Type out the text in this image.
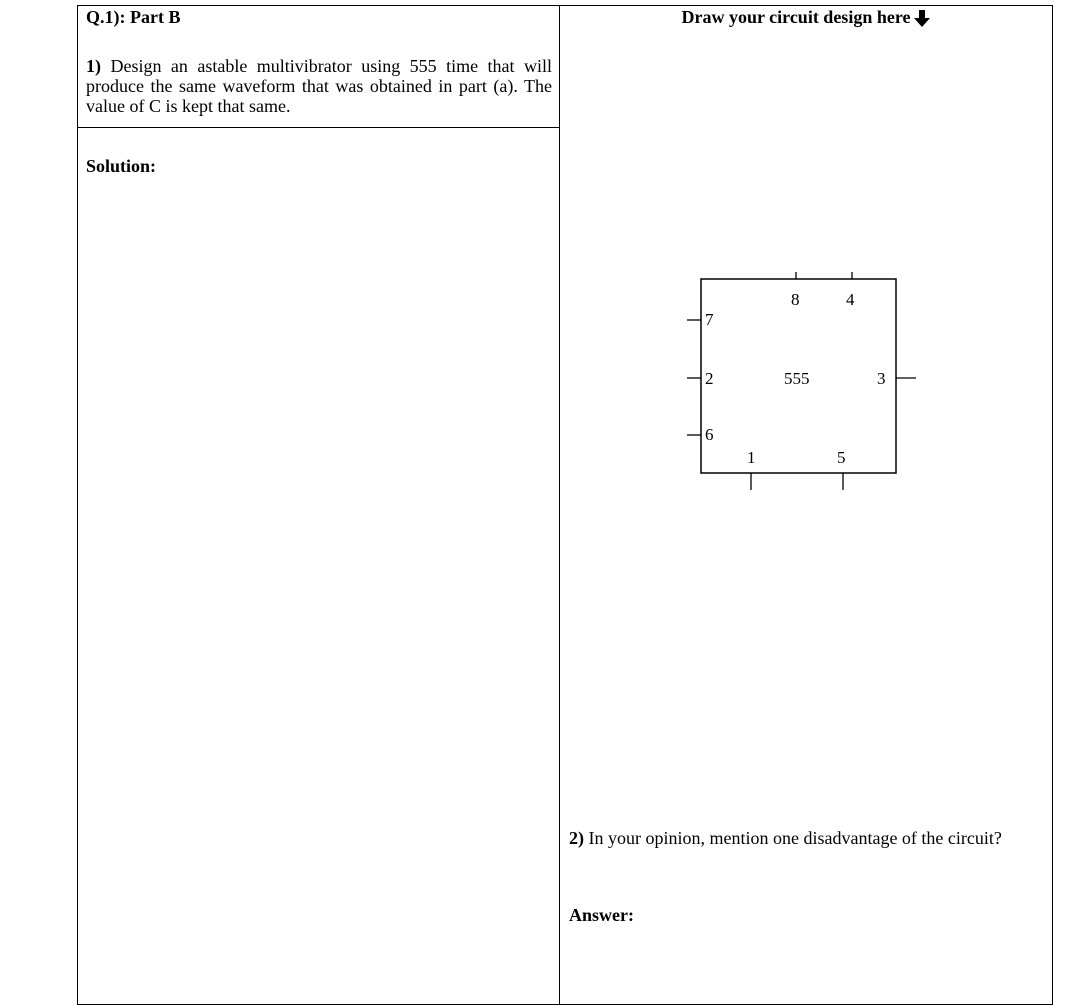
Q.1): Part B

1) Design an astable multivibrator using 555 time that will produce the same waveform that was obtained in part (a). The value of C is kept that same.

Solution:

Draw your circuit design here

8	4
7
2	555	3
6
1	5

2) In your opinion, mention one disadvantage of the circuit?

Answer:
